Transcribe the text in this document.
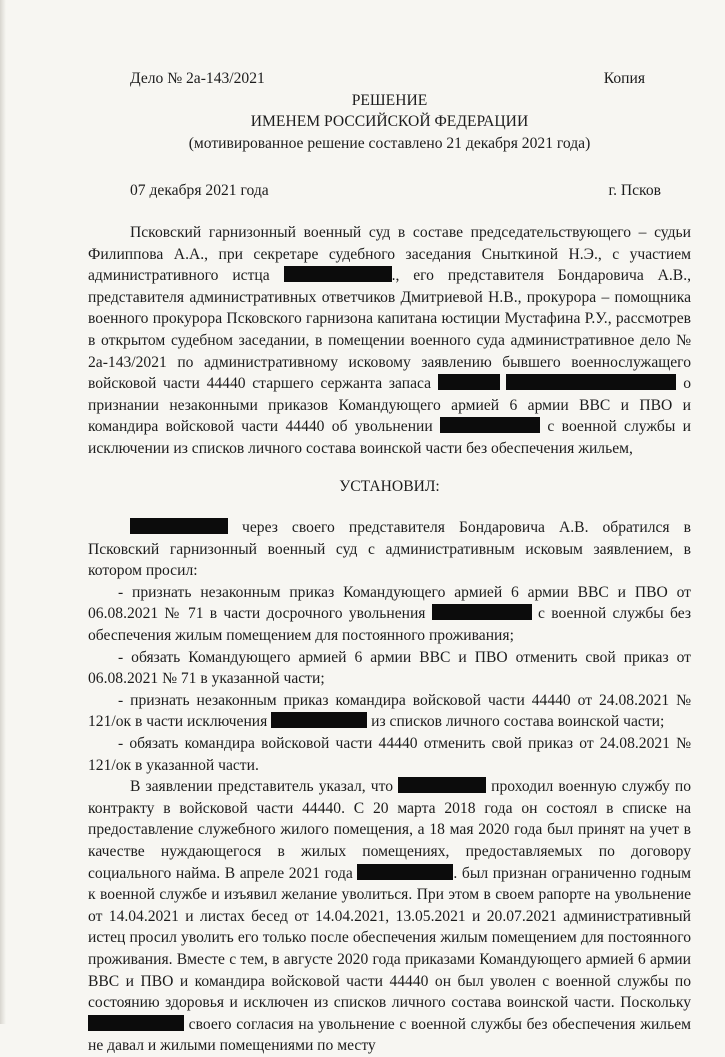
Дело № 2а-143/2021	Копия
РЕШЕНИЕ
ИМЕНЕМ РОССИЙСКОЙ ФЕДЕРАЦИИ
(мотивированное решение составлено 21 декабря 2021 года)
07 декабря 2021 года	г. Псков

Псковский гарнизонный военный суд в составе председательствующего – судьи Филиппова А.А., при секретаре судебного заседания Сныткиной Н.Э., с участием административного истца	., его представителя Бондаровича А.В., представителя административных ответчиков Дмитриевой Н.В., прокурора – помощника военного прокурора Псковского гарнизона капитана юстиции Мустафина Р.У., рассмотрев в открытом судебном заседании, в помещении военного суда административное дело № 2а-143/2021 по административному исковому заявлению бывшего военнослужащего войсковой части 44440 старшего сержанта запаса	о признании незаконными приказов Командующего армией 6 армии ВВС и ПВО и командира войсковой части 44440 об увольнении	с военной службы и исключении из списков личного состава воинской части без обеспечения жильем,

УСТАНОВИЛ:

через своего представителя Бондаровича А.В. обратился в Псковский гарнизонный военный суд с административным исковым заявлением, в котором просил:

- признать незаконным приказ Командующего армией 6 армии ВВС и ПВО от 06.08.2021 № 71 в части досрочного увольнения	с военной службы без обеспечения жилым помещением для постоянного проживания;

- обязать Командующего армией 6 армии ВВС и ПВО отменить свой приказ от 06.08.2021 № 71 в указанной части;

- признать незаконным приказ командира войсковой части 44440 от 24.08.2021 № 121/ок в части исключения	из списков личного состава воинской части;

- обязать командира войсковой части 44440 отменить свой приказ от 24.08.2021 № 121/ок в указанной части.

В заявлении представитель указал, что	проходил военную службу по контракту в войсковой части 44440. С 20 марта 2018 года он состоял в списке на предоставление служебного жилого помещения, а 18 мая 2020 года был принят на учет в качестве нуждающегося в жилых помещениях, предоставляемых по договору социального найма. В апреле 2021 года	. был признан ограниченно годным к военной службе и изъявил желание уволиться. При этом в своем рапорте на увольнение от 14.04.2021 и листах бесед от 14.04.2021, 13.05.2021 и 20.07.2021 административный истец просил уволить его только после обеспечения жилым помещением для постоянного проживания. Вместе с тем, в августе 2020 года приказами Командующего армией 6 армии ВВС и ПВО и командира войсковой части 44440 он был уволен с военной службы по состоянию здоровья и исключен из списков личного состава воинской части. Поскольку  своего согласия на увольнение с военной службы без обеспечения жильем не давал и жилыми помещениями по месту
